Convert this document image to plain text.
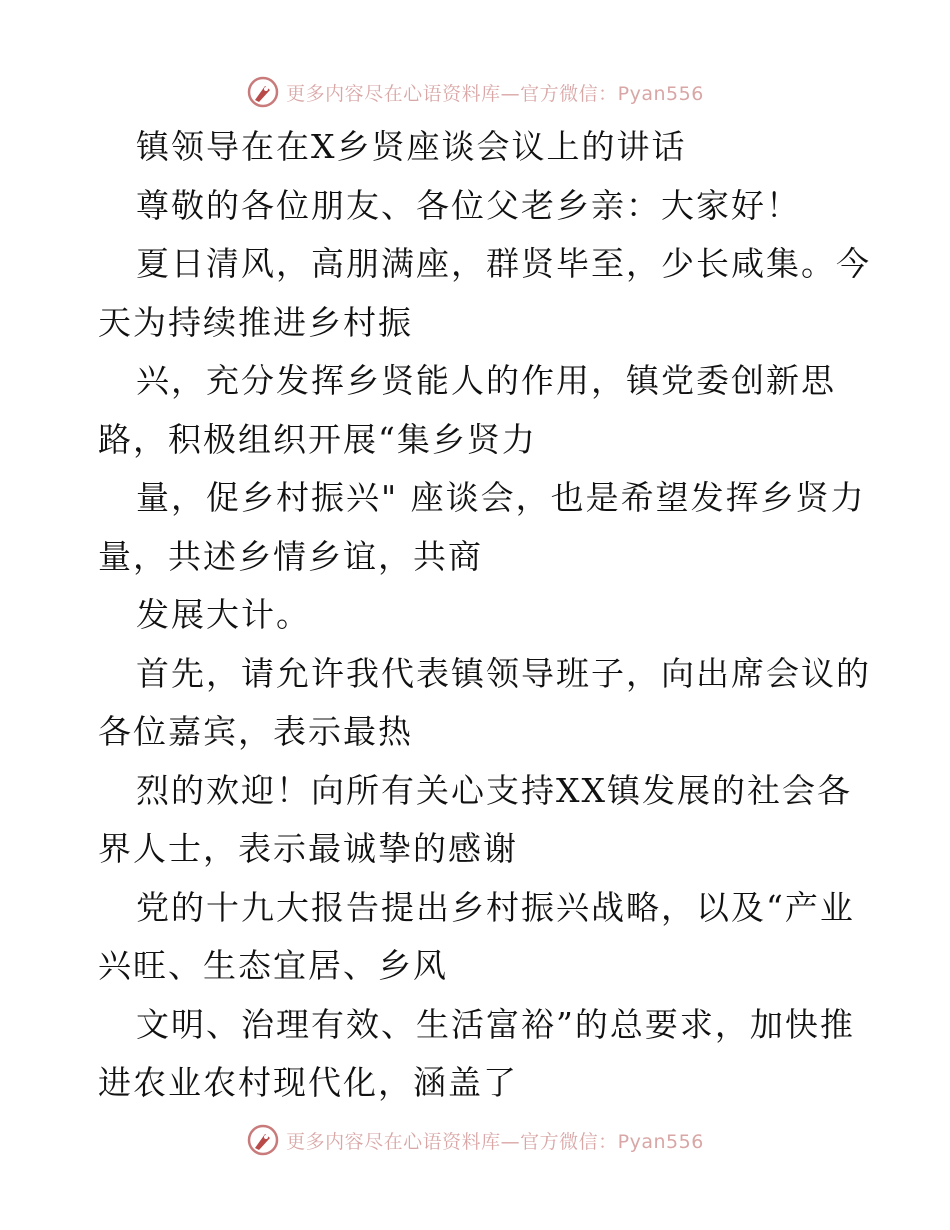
更多内容尽在心语资料库—官方微信：Pyan556
镇领导在在X乡贤座谈会议上的讲话
尊敬的各位朋友、各位父老乡亲：大家好！
夏日清风，高朋满座，群贤毕至，少长咸集。今
天为持续推进乡村振
兴，充分发挥乡贤能人的作用，镇党委创新思
路，积极组织开展“集乡贤力
量，促乡村振兴" 座谈会，也是希望发挥乡贤力
量，共述乡情乡谊，共商
发展大计。
首先，请允许我代表镇领导班子，向出席会议的
各位嘉宾，表示最热
烈的欢迎！向所有关心支持XX镇发展的社会各
界人士，表示最诚挚的感谢
党的十九大报告提出乡村振兴战略，以及“产业
兴旺、生态宜居、乡风
文明、治理有效、生活富裕”的总要求，加快推
进农业农村现代化，涵盖了
更多内容尽在心语资料库—官方微信：Pyan556
